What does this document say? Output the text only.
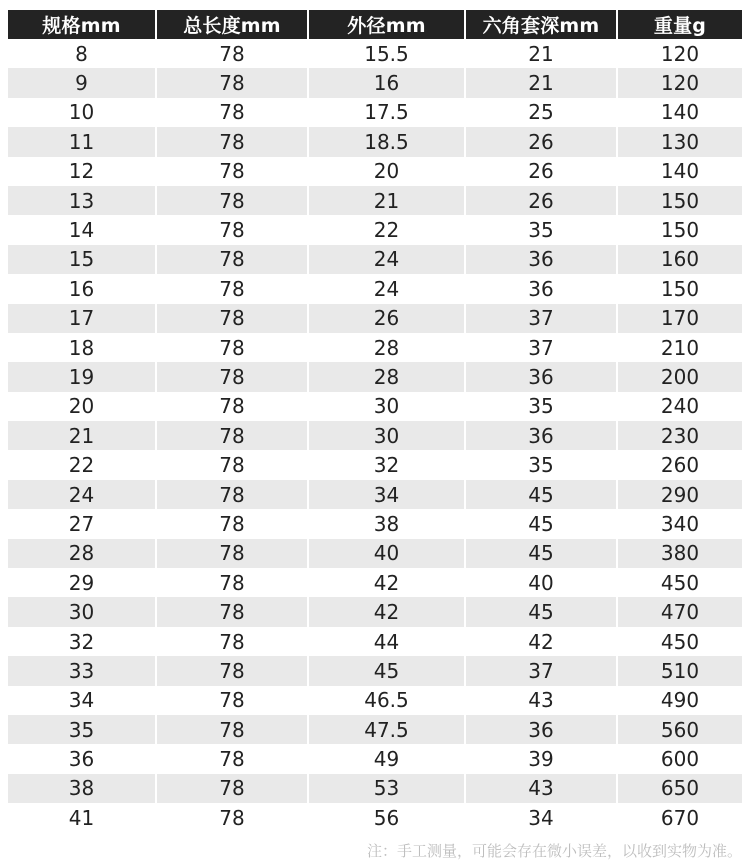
规格mm	总长度mm	外径mm	六角套深mm	重量g
8	78	15.5	21	120
9	78	16	21	120
10	78	17.5	25	140
11	78	18.5	26	130
12	78	20	26	140
13	78	21	26	150
14	78	22	35	150
15	78	24	36	160
16	78	24	36	150
17	78	26	37	170
18	78	28	37	210
19	78	28	36	200
20	78	30	35	240
21	78	30	36	230
22	78	32	35	260
24	78	34	45	290
27	78	38	45	340
28	78	40	45	380
29	78	42	40	450
30	78	42	45	470
32	78	44	42	450
33	78	45	37	510
34	78	46.5	43	490
35	78	47.5	36	560
36	78	49	39	600
38	78	53	43	650
41	78	56	34	670
注：手工测量，可能会存在微小误差，以收到实物为准。
